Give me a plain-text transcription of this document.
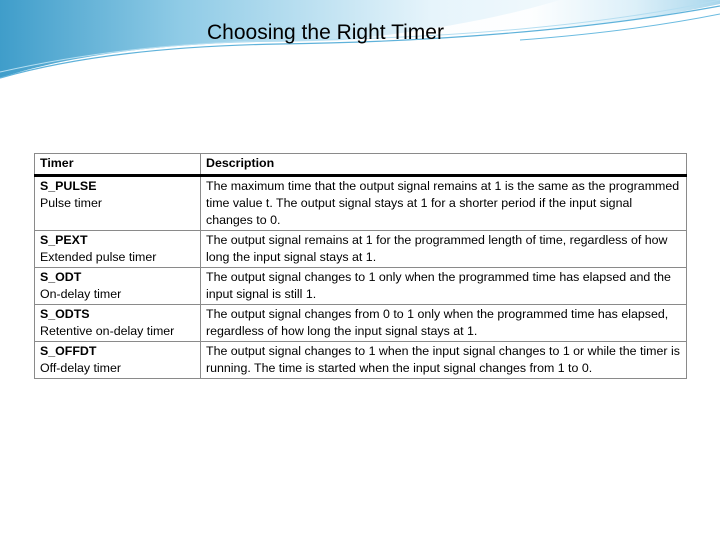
Choosing the Right Timer
Timer	Description

S_PULSE
Pulse timer	The maximum time that the output signal remains at 1 is the same as the programmed time value t. The output signal stays at 1 for a shorter period if the input signal changes to 0.

S_PEXT
Extended pulse timer	The output signal remains at 1 for the programmed length of time, regardless of how long the input signal stays at 1.

S_ODT
On-delay timer	The output signal changes to 1 only when the programmed time has elapsed and the input signal is still 1.

S_ODTS
Retentive on-delay timer	The output signal changes from 0 to 1 only when the programmed time has elapsed, regardless of how long the input signal stays at 1.

S_OFFDT
Off-delay timer	The output signal changes to 1 when the input signal changes to 1 or while the timer is running. The time is started when the input signal changes from 1 to 0.
